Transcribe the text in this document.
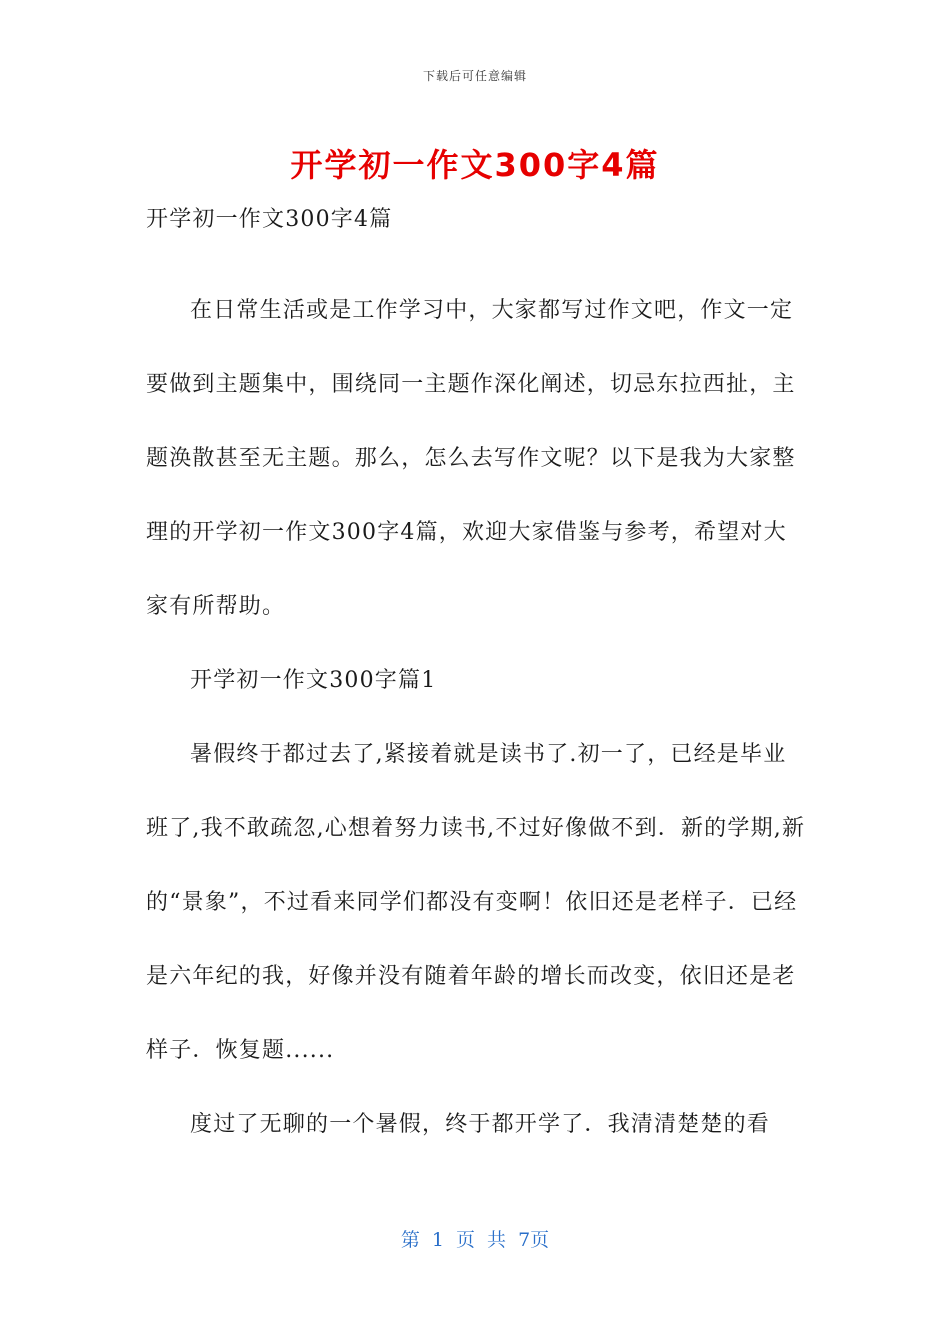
下载后可任意编辑
开学初一作文300字4篇

开学初一作文300字4篇

在日常生活或是工作学习中，大家都写过作文吧，作文一定要做到主题集中，围绕同一主题作深化阐述，切忌东拉西扯，主题涣散甚至无主题。那么，怎么去写作文呢？以下是我为大家整理的开学初一作文300字4篇，欢迎大家借鉴与参考，希望对大家有所帮助。

开学初一作文300字篇1

暑假终于都过去了,紧接着就是读书了.初一了，已经是毕业班了,我不敢疏忽,心想着努力读书,不过好像做不到．新的学期,新的“景象”，不过看来同学们都没有变啊！依旧还是老样子．已经是六年纪的我，好像并没有随着年龄的增长而改变，依旧还是老样子．恢复题......

度过了无聊的一个暑假，终于都开学了．我清清楚楚的看

第 1 页 共 7页
